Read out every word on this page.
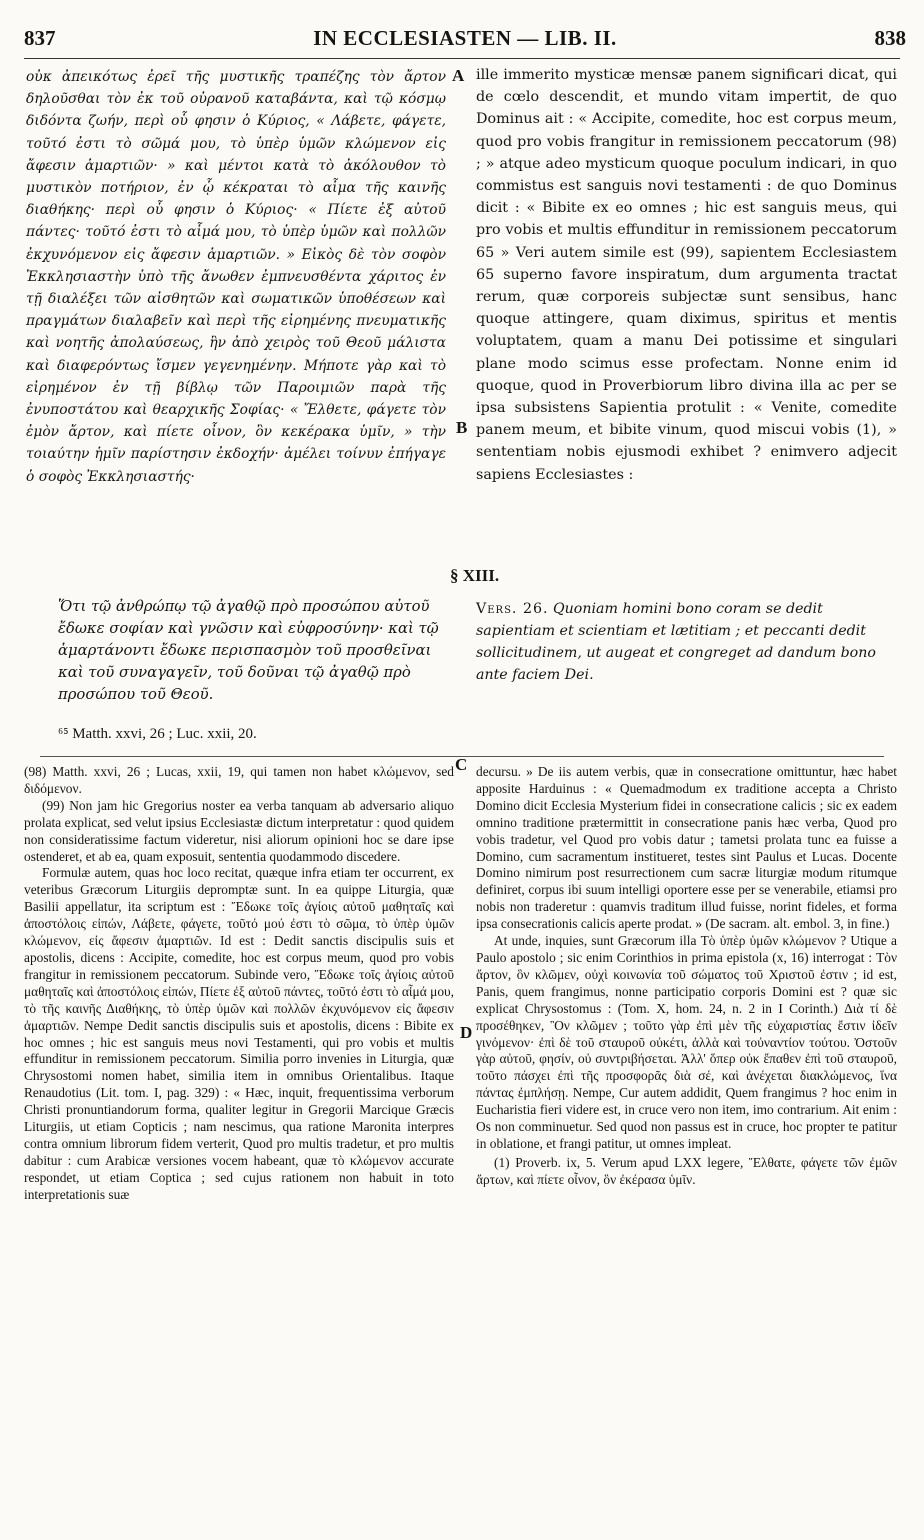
837	IN ECCLESIASTEN — LIB. II.	838
οὐκ ἀπεικότως ἐρεῖ τῆς μυστικῆς τραπέζης τὸν ἄρτον δηλοῦσθαι τὸν ἐκ τοῦ οὐρανοῦ καταβάντα, καὶ τῷ κόσμῳ διδόντα ζωήν, περὶ οὗ φησιν ὁ Κύριος, « Λάβετε, φάγετε, τοῦτό ἐστι τὸ σῶμά μου, τὸ ὑπὲρ ὑμῶν κλώμενον εἰς ἄφεσιν ἁμαρτιῶν· » καὶ μέντοι κατὰ τὸ ἀκόλουθον τὸ μυστικὸν ποτήριον, ἐν ᾧ κέκραται τὸ αἷμα τῆς καινῆς διαθήκης· περὶ οὗ φησιν ὁ Κύριος· « Πίετε ἐξ αὐτοῦ πάντες· τοῦτό ἐστι τὸ αἷμά μου, τὸ ὑπὲρ ὑμῶν καὶ πολλῶν ἐκχυνόμενον εἰς ἄφεσιν ἁμαρτιῶν. » Εἰκὸς δὲ τὸν σοφὸν Ἐκκλησιαστὴν ὑπὸ τῆς ἄνωθεν ἐμπνευσθέντα χάριτος ἐν τῇ διαλέξει τῶν αἰσθητῶν καὶ σωματικῶν ὑποθέσεων καὶ πραγμάτων διαλαβεῖν καὶ περὶ τῆς εἰρημένης πνευματικῆς καὶ νοητῆς ἀπολαύσεως, ἣν ἀπὸ χειρὸς τοῦ Θεοῦ μάλιστα καὶ διαφερόντως ἴσμεν γεγενημένην. Μήποτε γὰρ καὶ τὸ εἰρημένον ἐν τῇ βίβλῳ τῶν Παροιμιῶν παρὰ τῆς ἐνυποστάτου καὶ θεαρχικῆς Σοφίας· « Ἔλθετε, φάγετε τὸν ἐμὸν ἄρτον, καὶ πίετε οἶνον, ὃν κεκέρακα ὑμῖν, » τὴν τοιαύτην ἡμῖν παρίστησιν ἐκδοχήν· ἀμέλει τοίνυν ἐπήγαγε ὁ σοφὸς Ἐκκλησιαστής·
ille immerito mysticæ mensæ panem significari dicat, qui de cœlo descendit, et mundo vitam impertit, de quo Dominus ait : « Accipite, comedite, hoc est corpus meum, quod pro vobis frangitur in remissionem peccatorum (98) ; » atque adeo mysticum quoque poculum indicari, in quo commistus est sanguis novi testamenti : de quo Dominus dicit : « Bibite ex eo omnes ; hic est sanguis meus, qui pro vobis et multis effunditur in remissionem peccatorum 65 » Veri autem simile est (99), sapientem Ecclesiastem 65 superno favore inspiratum, dum argumenta tractat rerum, quæ corporeis subjectæ sunt sensibus, hanc quoque attingere, quam diximus, spiritus et mentis voluptatem, quam a manu Dei potissime et singulari plane modo scimus esse profectam. Nonne enim id quoque, quod in Proverbiorum libro divina illa ac per se ipsa subsistens Sapientia protulit : « Venite, comedite panem meum, et bibite vinum, quod miscui vobis (1), » sententiam nobis ejusmodi exhibet ? enimvero adjecit sapiens Ecclesiastes :
A
B
C
D
§ XIII.
Ὅτι τῷ ἀνθρώπῳ τῷ ἀγαθῷ πρὸ προσώπου αὐτοῦ ἔδωκε σοφίαν καὶ γνῶσιν καὶ εὐφροσύνην· καὶ τῷ ἁμαρτάνοντι ἔδωκε περισπασμὸν τοῦ προσθεῖναι καὶ τοῦ συναγαγεῖν, τοῦ δοῦναι τῷ ἀγαθῷ πρὸ προσώπου τοῦ Θεοῦ.
Vers. 26. Quoniam homini bono coram se dedit sapientiam et scientiam et lætitiam ; et peccanti dedit sollicitudinem, ut augeat et congreget ad dandum bono ante faciem Dei.
⁶⁵ Matth. xxvi, 26 ; Luc. xxii, 20.

(98) Matth. xxvi, 26 ; Lucas, xxii, 19, qui tamen non habet κλώμενον, sed διδόμενον.

(99) Non jam hic Gregorius noster ea verba tanquam ab adversario aliquo prolata explicat, sed velut ipsius Ecclesiastæ dictum interpretatur : quod quidem non consideratissime factum videretur, nisi aliorum opinioni hoc se dare ipse ostenderet, et ab ea, quam exposuit, sententia quodammodo discedere.

Formulæ autem, quas hoc loco recitat, quæque infra etiam ter occurrent, ex veteribus Græcorum Liturgiis depromptæ sunt. In ea quippe Liturgia, quæ Basilii appellatur, ita scriptum est : Ἔδωκε τοῖς ἁγίοις αὐτοῦ μαθηταῖς καὶ ἀποστόλοις εἰπών, Λάβετε, φάγετε, τοῦτό μού ἐστι τὸ σῶμα, τὸ ὑπὲρ ὑμῶν κλώμενον, εἰς ἄφεσιν ἁμαρτιῶν. Id est : Dedit sanctis discipulis suis et apostolis, dicens : Accipite, comedite, hoc est corpus meum, quod pro vobis frangitur in remissionem peccatorum. Subinde vero, Ἔδωκε τοῖς ἁγίοις αὐτοῦ μαθηταῖς καὶ ἀποστόλοις εἰπών, Πίετε ἐξ αὐτοῦ πάντες, τοῦτό ἐστι τὸ αἷμά μου, τὸ τῆς καινῆς Διαθήκης, τὸ ὑπὲρ ὑμῶν καὶ πολλῶν ἐκχυνόμενον εἰς ἄφεσιν ἁμαρτιῶν. Nempe Dedit sanctis discipulis suis et apostolis, dicens : Bibite ex hoc omnes ; hic est sanguis meus novi Testamenti, qui pro vobis et multis effunditur in remissionem peccatorum. Similia porro invenies in Liturgia, quæ Chrysostomi nomen habet, similia item in omnibus Orientalibus. Itaque Renaudotius (Lit. tom. I, pag. 329) : « Hæc, inquit, frequentissima verborum Christi pronuntiandorum forma, qualiter legitur in Gregorii Marcique Græcis Liturgiis, ut etiam Copticis ; nam nescimus, qua ratione Maronita interpres contra omnium librorum fidem verterit, Quod pro multis tradetur, et pro multis dabitur : cum Arabicæ versiones vocem habeant, quæ τὸ κλώμενον accurate respondet, ut etiam Coptica ; sed cujus rationem non habuit in toto interpretationis suæ

decursu. » De iis autem verbis, quæ in consecratione omittuntur, hæc habet apposite Harduinus : « Quemadmodum ex traditione accepta a Christo Domino dicit Ecclesia Mysterium fidei in consecratione calicis ; sic ex eadem omnino traditione prætermittit in consecratione panis hæc verba, Quod pro vobis tradetur, vel Quod pro vobis datur ; tametsi prolata tunc ea fuisse a Domino, cum sacramentum institueret, testes sint Paulus et Lucas. Docente Domino nimirum post resurrectionem cum sacræ liturgiæ modum ritumque definiret, corpus ibi suum intelligi oportere esse per se venerabile, etiamsi pro nobis non traderetur : quamvis traditum illud fuisse, norint fideles, et forma ipsa consecrationis calicis aperte prodat. » (De sacram. alt. embol. 3, in fine.)

At unde, inquies, sunt Græcorum illa Τὸ ὑπὲρ ὑμῶν κλώμενον ? Utique a Paulo apostolo ; sic enim Corinthios in prima epistola (x, 16) interrogat : Τὸν ἄρτον, ὃν κλῶμεν, οὐχὶ κοινωνία τοῦ σώματος τοῦ Χριστοῦ ἐστιν ; id est, Panis, quem frangimus, nonne participatio corporis Domini est ? quæ sic explicat Chrysostomus : (Tom. X, hom. 24, n. 2 in I Corinth.) Διὰ τί δὲ προσέθηκεν, Ὃν κλῶμεν ; τοῦτο γὰρ ἐπὶ μὲν τῆς εὐχαριστίας ἔστιν ἰδεῖν γινόμενον· ἐπὶ δὲ τοῦ σταυροῦ οὐκέτι, ἀλλὰ καὶ τοὐναντίον τούτου. Ὀστοῦν γὰρ αὐτοῦ, φησίν, οὐ συντριβήσεται. Ἀλλ' ὅπερ οὐκ ἔπαθεν ἐπὶ τοῦ σταυροῦ, τοῦτο πάσχει ἐπὶ τῆς προσφορᾶς διὰ σέ, καὶ ἀνέχεται διακλώμενος, ἵνα πάντας ἐμπλήσῃ. Nempe, Cur autem addidit, Quem frangimus ? hoc enim in Eucharistia fieri videre est, in cruce vero non item, imo contrarium. Ait enim : Os non comminuetur. Sed quod non passus est in cruce, hoc propter te patitur in oblatione, et frangi patitur, ut omnes impleat.

(1) Proverb. ix, 5. Verum apud LXX legere, Ἔλθατε, φάγετε τῶν ἐμῶν ἄρτων, καὶ πίετε οἶνον, ὃν ἐκέρασα ὑμῖν.
